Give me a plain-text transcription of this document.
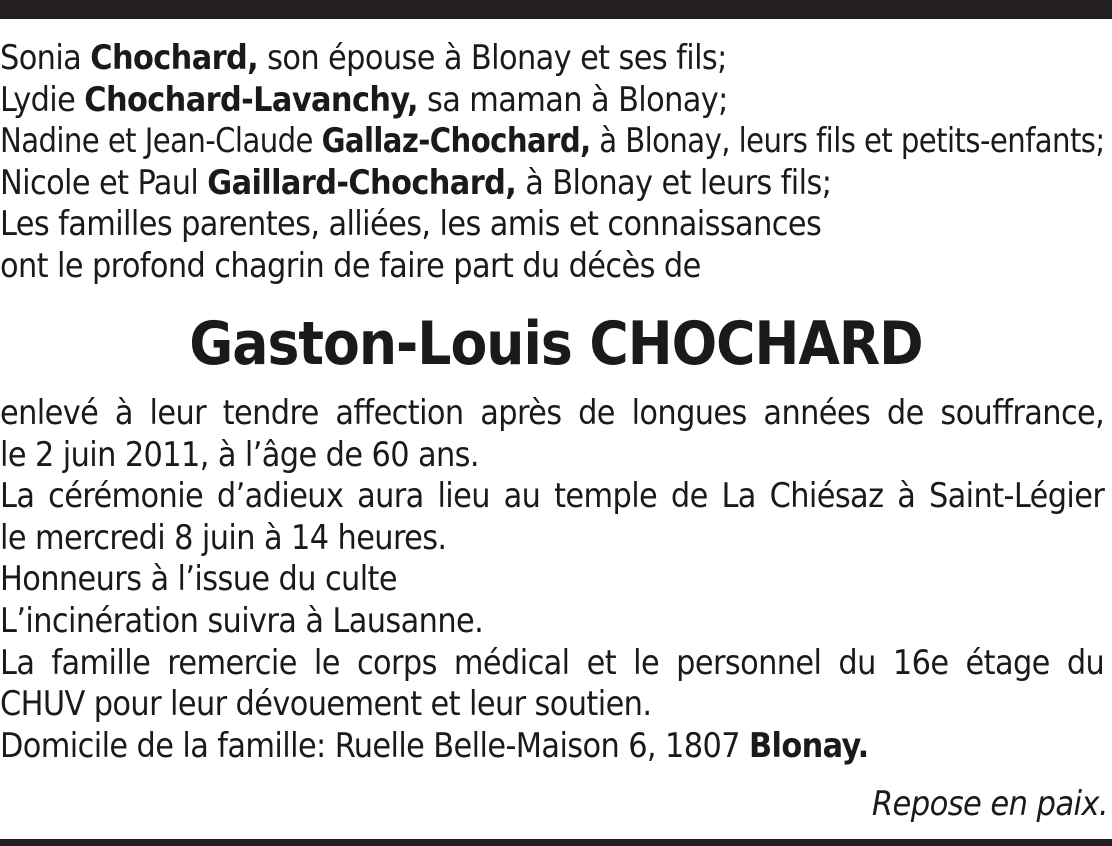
Sonia Chochard, son épouse à Blonay et ses fils;

Lydie Chochard-Lavanchy, sa maman à Blonay;

Nadine et Jean-Claude Gallaz-Chochard, à Blonay, leurs fils et petits-enfants;

Nicole et Paul Gaillard-Chochard, à Blonay et leurs fils;

Les familles parentes, alliées, les amis et connaissances

ont le profond chagrin de faire part du décès de

Gaston-Louis CHOCHARD

enlevé à leur tendre affection après de longues années de souffrance,

le 2 juin 2011, à l’âge de 60 ans.

La cérémonie d’adieux aura lieu au temple de La Chiésaz à Saint-Légier

le mercredi 8 juin à 14 heures.

Honneurs à l’issue du culte

L’incinération suivra à Lausanne.

La famille remercie le corps médical et le personnel du 16e étage du

CHUV pour leur dévouement et leur soutien.

Domicile de la famille: Ruelle Belle-Maison 6, 1807 Blonay.

Repose en paix.
